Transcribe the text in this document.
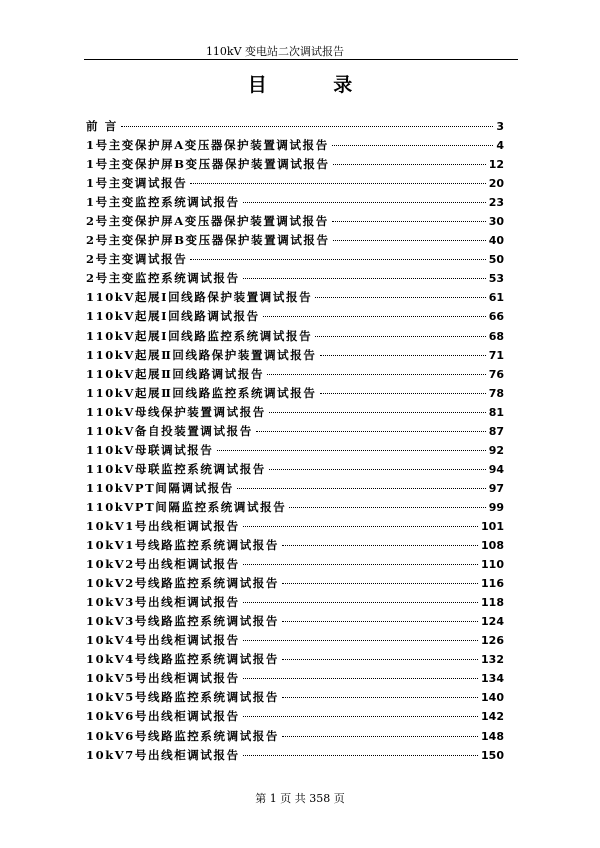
110kV 变电站二次调试报告
目 录
前 言	3
1号主变保护屏A变压器保护装置调试报告	4
1号主变保护屏B变压器保护装置调试报告	12
1号主变调试报告	20
1号主变监控系统调试报告	23
2号主变保护屏A变压器保护装置调试报告	30
2号主变保护屏B变压器保护装置调试报告	40
2号主变调试报告	50
2号主变监控系统调试报告	53
110kV起展Ⅰ回线路保护装置调试报告	61
110kV起展Ⅰ回线路调试报告	66
110kV起展Ⅰ回线路监控系统调试报告	68
110kV起展Ⅱ回线路保护装置调试报告	71
110kV起展Ⅱ回线路调试报告	76
110kV起展Ⅱ回线路监控系统调试报告	78
110kV母线保护装置调试报告	81
110kV备自投装置调试报告	87
110kV母联调试报告	92
110kV母联监控系统调试报告	94
110kVPT间隔调试报告	97
110kVPT间隔监控系统调试报告	99
10kV1号出线柜调试报告	101
10kV1号线路监控系统调试报告	108
10kV2号出线柜调试报告	110
10kV2号线路监控系统调试报告	116
10kV3号出线柜调试报告	118
10kV3号线路监控系统调试报告	124
10kV4号出线柜调试报告	126
10kV4号线路监控系统调试报告	132
10kV5号出线柜调试报告	134
10kV5号线路监控系统调试报告	140
10kV6号出线柜调试报告	142
10kV6号线路监控系统调试报告	148
10kV7号出线柜调试报告	150
第 1 页 共 358 页
